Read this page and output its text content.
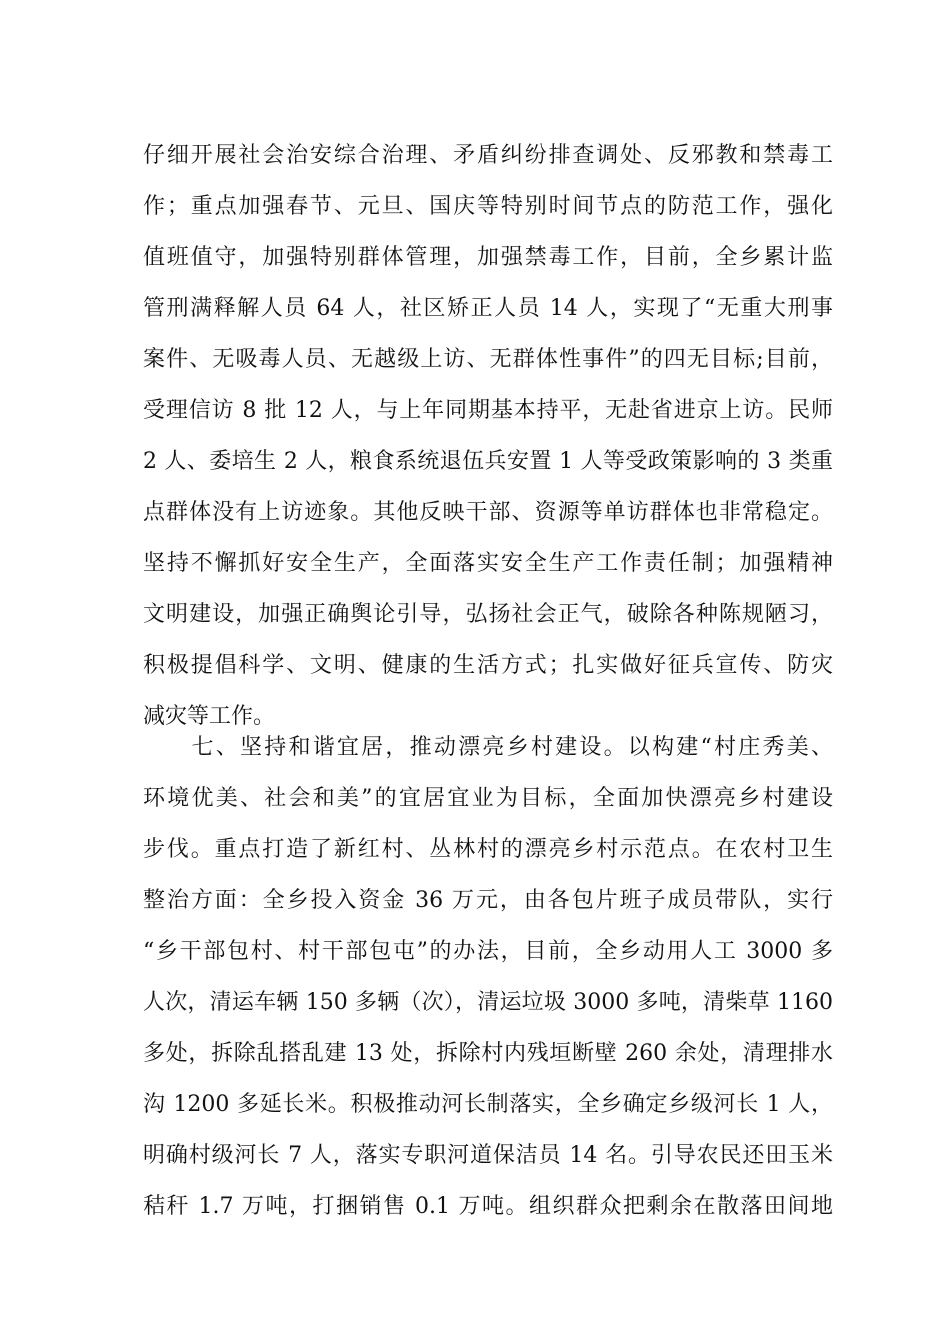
仔细开展社会治安综合治理、矛盾纠纷排查调处、反邪教和禁毒工
作；重点加强春节、元旦、国庆等特别时间节点的防范工作，强化
值班值守，加强特别群体管理，加强禁毒工作，目前，全乡累计监
管刑满释解人员 64 人，社区矫正人员 14 人，实现了“无重大刑事
案件、无吸毒人员、无越级上访、无群体性事件”的四无目标;目前，
受理信访 8 批 12 人，与上年同期基本持平，无赴省进京上访。民师
2 人、委培生 2 人，粮食系统退伍兵安置 1 人等受政策影响的 3 类重
点群体没有上访迹象。其他反映干部、资源等单访群体也非常稳定。
坚持不懈抓好安全生产，全面落实安全生产工作责任制；加强精神
文明建设，加强正确舆论引导，弘扬社会正气，破除各种陈规陋习，
积极提倡科学、文明、健康的生活方式；扎实做好征兵宣传、防灾
减灾等工作。
　　七、坚持和谐宜居，推动漂亮乡村建设。以构建“村庄秀美、
环境优美、社会和美”的宜居宜业为目标，全面加快漂亮乡村建设
步伐。重点打造了新红村、丛林村的漂亮乡村示范点。在农村卫生
整治方面：全乡投入资金 36 万元，由各包片班子成员带队，实行
“乡干部包村、村干部包屯”的办法，目前，全乡动用人工 3000 多
人次，清运车辆 150 多辆（次），清运垃圾 3000 多吨，清柴草 1160
多处，拆除乱搭乱建 13 处，拆除村内残垣断壁 260 余处，清理排水
沟 1200 多延长米。积极推动河长制落实，全乡确定乡级河长 1 人，
明确村级河长 7 人，落实专职河道保洁员 14 名。引导农民还田玉米
秸秆 1.7 万吨，打捆销售 0.1 万吨。组织群众把剩余在散落田间地
